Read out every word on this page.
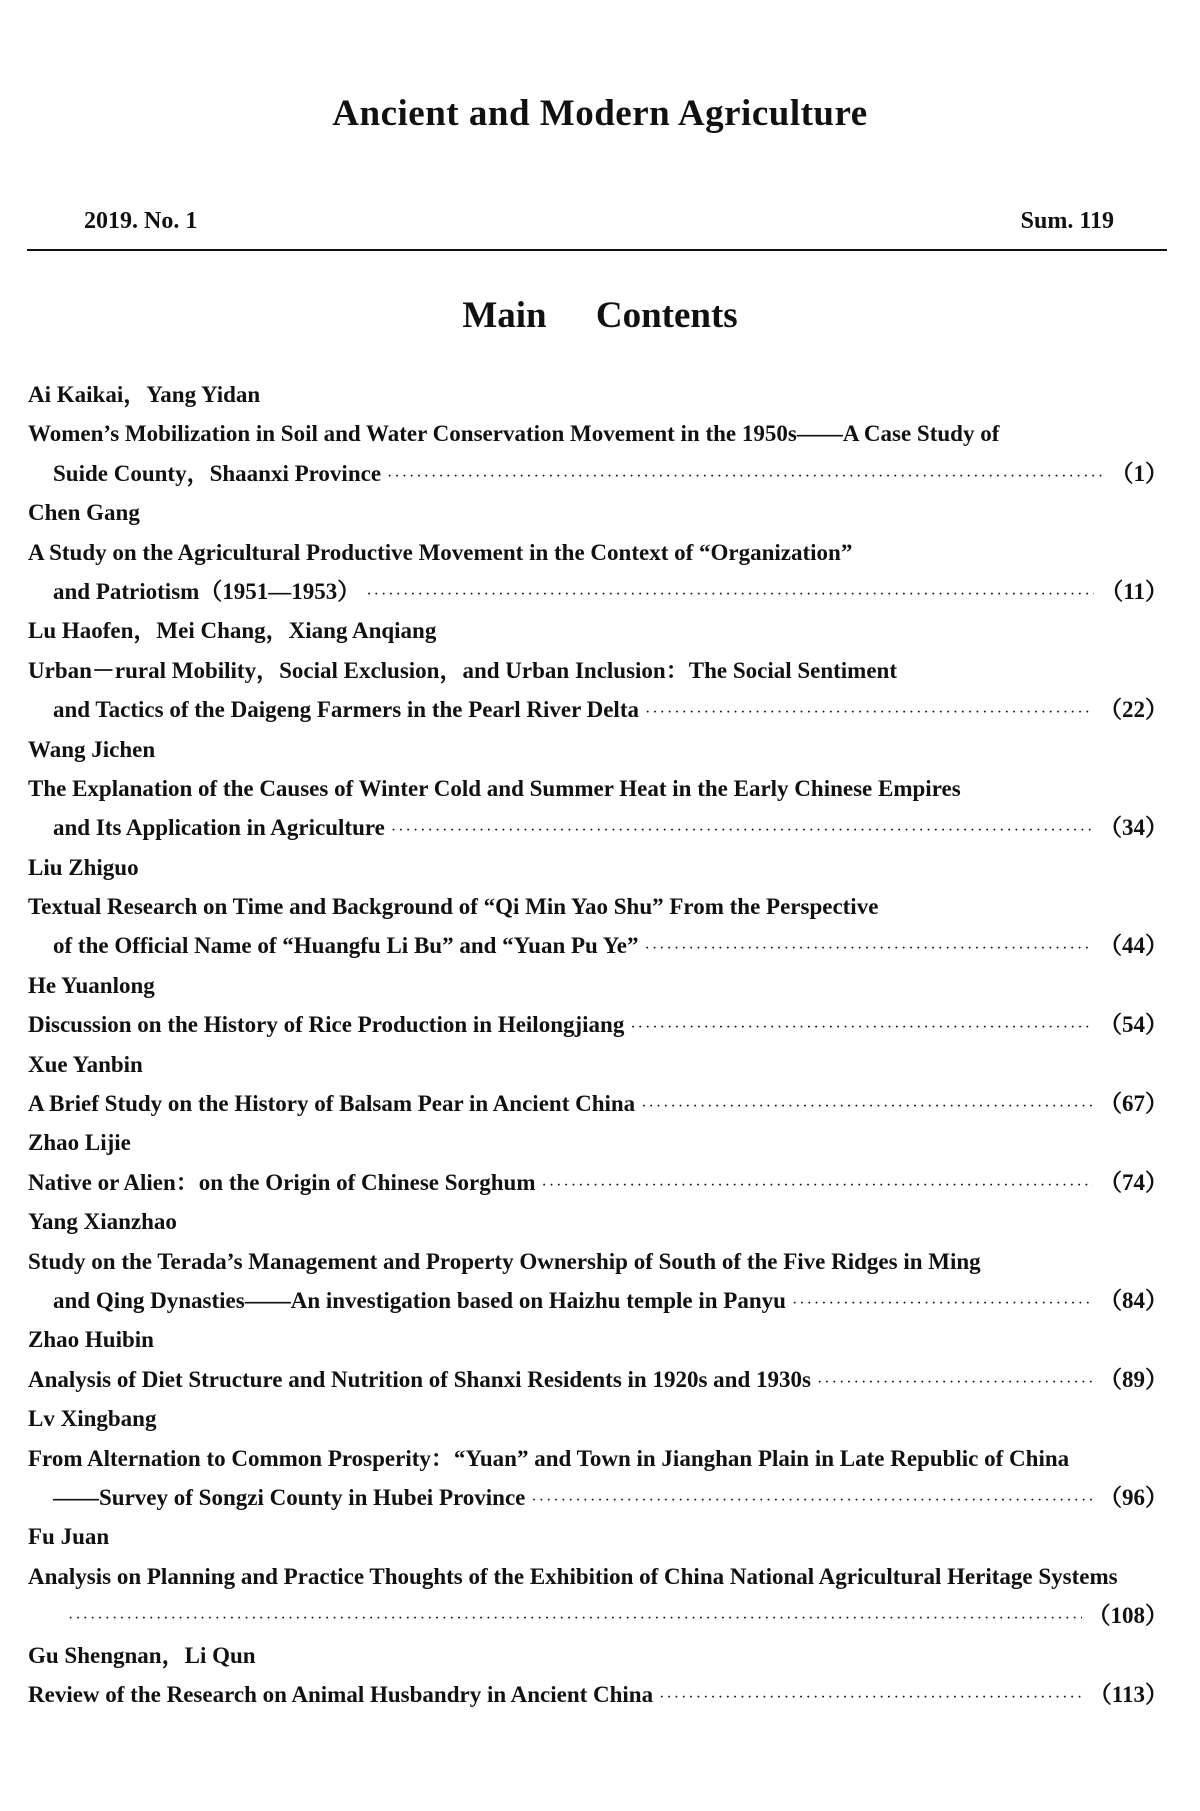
Ancient and Modern Agriculture
2019. No. 1	Sum. 119
Main Contents
Ai Kaikai，Yang Yidan
Women’s Mobilization in Soil and Water Conservation Movement in the 1950s——A Case Study of
Suide County，Shaanxi Province ·····	（1）
Chen Gang
A Study on the Agricultural Productive Movement in the Context of “Organization”
and Patriotism（1951—1953） ·····	（11）
Lu Haofen，Mei Chang，Xiang Anqiang
Urban－rural Mobility，Social Exclusion，and Urban Inclusion：The Social Sentiment
and Tactics of the Daigeng Farmers in the Pearl River Delta ·····	（22）
Wang Jichen
The Explanation of the Causes of Winter Cold and Summer Heat in the Early Chinese Empires
and Its Application in Agriculture ·····	（34）
Liu Zhiguo
Textual Research on Time and Background of “Qi Min Yao Shu” From the Perspective
of the Official Name of “Huangfu Li Bu” and “Yuan Pu Ye” ·····	（44）
He Yuanlong
Discussion on the History of Rice Production in Heilongjiang ·····	（54）
Xue Yanbin
A Brief Study on the History of Balsam Pear in Ancient China ·····	（67）
Zhao Lijie
Native or Alien：on the Origin of Chinese Sorghum ·····	（74）
Yang Xianzhao
Study on the Terada’s Management and Property Ownership of South of the Five Ridges in Ming
and Qing Dynasties——An investigation based on Haizhu temple in Panyu ·····	（84）
Zhao Huibin
Analysis of Diet Structure and Nutrition of Shanxi Residents in 1920s and 1930s ·····	（89）
Lv Xingbang
From Alternation to Common Prosperity：“Yuan” and Town in Jianghan Plain in Late Republic of China
——Survey of Songzi County in Hubei Province ·····	（96）
Fu Juan
Analysis on Planning and Practice Thoughts of the Exhibition of China National Agricultural Heritage Systems
·····
（108）
Gu Shengnan，Li Qun
Review of the Research on Animal Husbandry in Ancient China ·····	（113）
